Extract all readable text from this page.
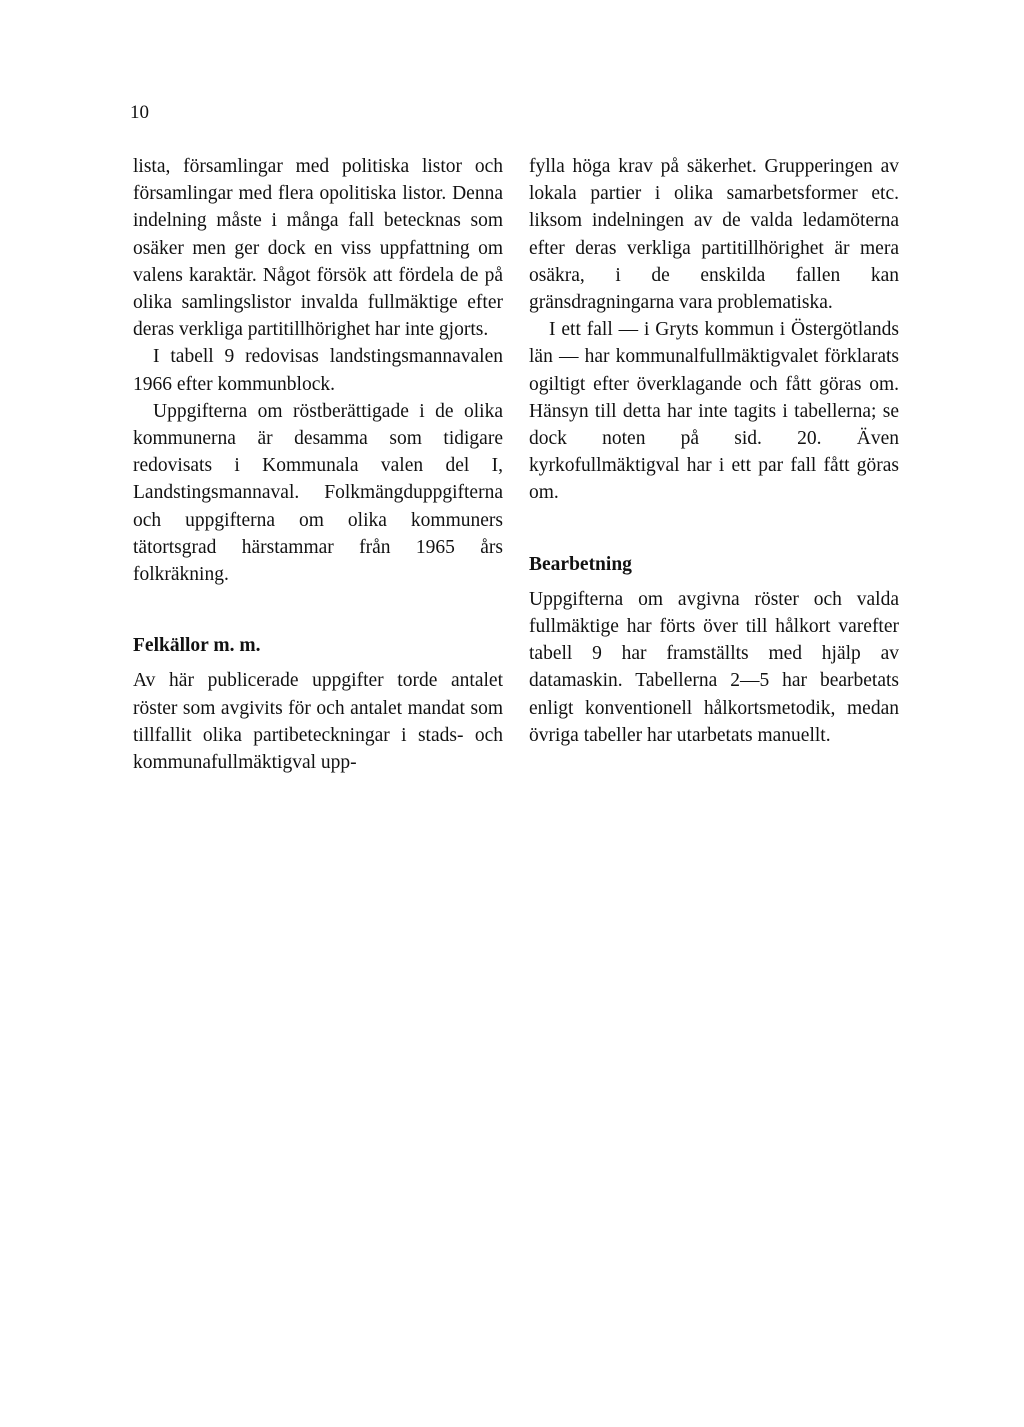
10

lista, församlingar med politiska listor och församlingar med flera opolitiska listor. Denna indelning måste i många fall betecknas som osäker men ger dock en viss uppfattning om valens karaktär. Något försök att fördela de på olika samlingslistor invalda fullmäktige efter deras verkliga partitillhörighet har inte gjorts.

I tabell 9 redovisas landstingsmannavalen 1966 efter kommunblock.

Uppgifterna om röstberättigade i de olika kommunerna är desamma som tidigare redovisats i Kommunala valen del I, Landstingsmannaval. Folkmängduppgifterna och uppgifterna om olika kommuners tätortsgrad härstammar från 1965 års folkräkning.

Felkällor m. m.

Av här publicerade uppgifter torde antalet röster som avgivits för och antalet mandat som tillfallit olika partibeteckningar i stads- och kommunafullmäktigval upp-

fylla höga krav på säkerhet. Grupperingen av lokala partier i olika samarbetsformer etc. liksom indelningen av de valda ledamöterna efter deras verkliga partitillhörighet är mera osäkra, i de enskilda fallen kan gränsdragningarna vara problematiska.

I ett fall — i Gryts kommun i Östergötlands län — har kommunalfullmäktigvalet förklarats ogiltigt efter överklagande och fått göras om. Hänsyn till detta har inte tagits i tabellerna; se dock noten på sid. 20. Även kyrkofullmäktigval har i ett par fall fått göras om.

Bearbetning

Uppgifterna om avgivna röster och valda fullmäktige har förts över till hålkort varefter tabell 9 har framställts med hjälp av datamaskin. Tabellerna 2—5 har bearbetats enligt konventionell hålkortsmetodik, medan övriga tabeller har utarbetats manuellt.
